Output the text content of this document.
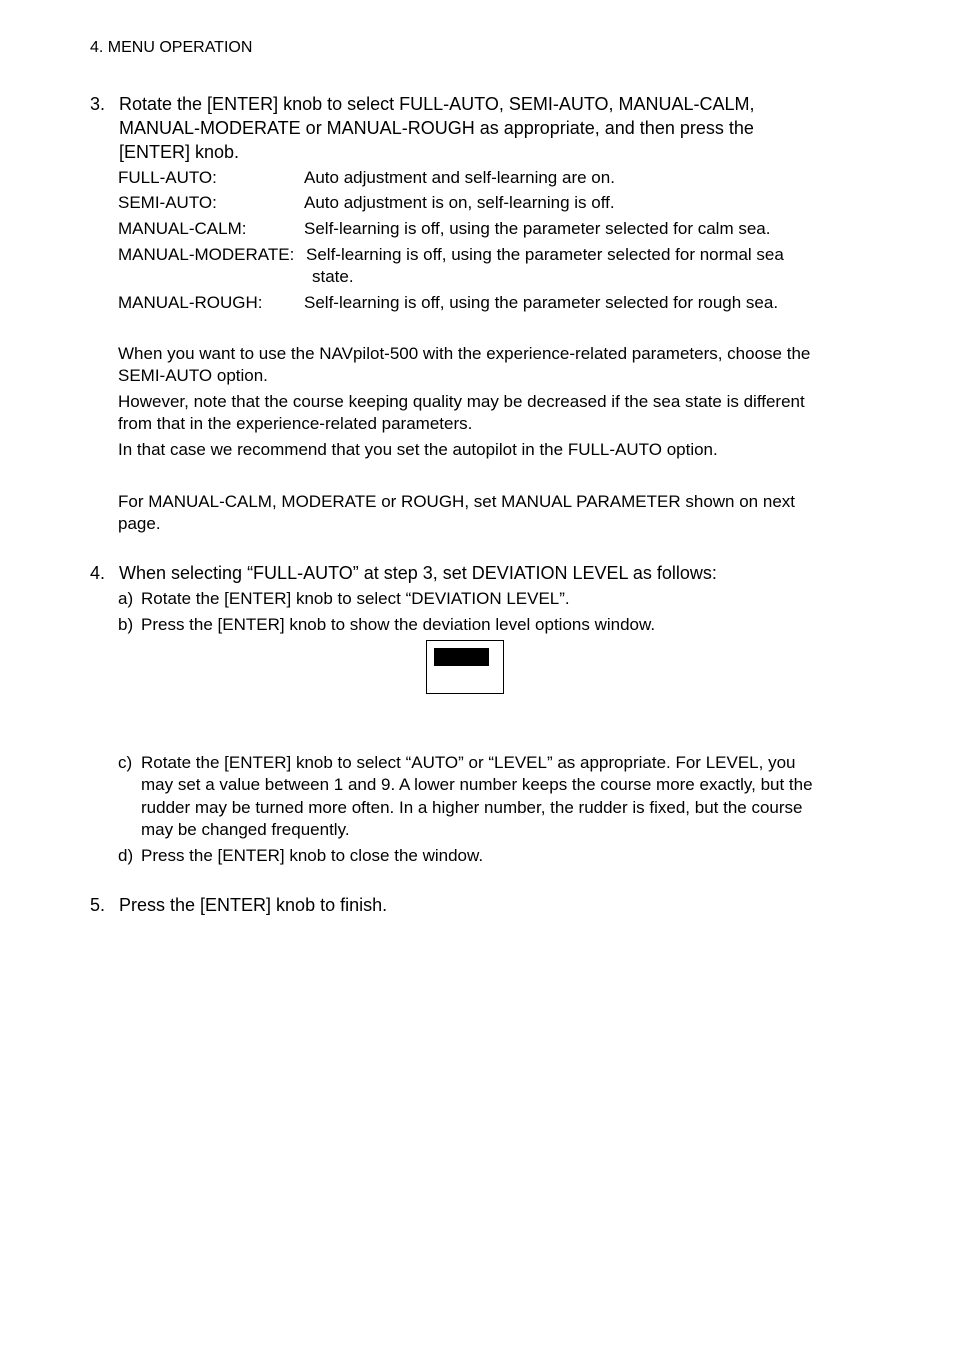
4. MENU OPERATION
3. Rotate the [ENTER] knob to select FULL-AUTO, SEMI-AUTO, MANUAL-CALM,
MANUAL-MODERATE or MANUAL-ROUGH as appropriate, and then press the
[ENTER] knob.
FULL-AUTO:	Auto adjustment and self-learning are on.
SEMI-AUTO:	Auto adjustment is on, self-learning is off.
MANUAL-CALM:	Self-learning is off, using the parameter selected for calm sea.
MANUAL-MODERATE: Self-learning is off, using the parameter selected for normal sea
state.
MANUAL-ROUGH: Self-learning is off, using the parameter selected for rough sea.
When you want to use the NAVpilot-500 with the experience-related parameters, choose the
SEMI-AUTO option.
However, note that the course keeping quality may be decreased if the sea state is different
from that in the experience-related parameters.
In that case we recommend that you set the autopilot in the FULL-AUTO option.
For MANUAL-CALM, MODERATE or ROUGH, set MANUAL PARAMETER shown on next
page.
4. When selecting “FULL-AUTO” at step 3, set DEVIATION LEVEL as follows:
a) Rotate the [ENTER] knob to select “DEVIATION LEVEL”.
b) Press the [ENTER] knob to show the deviation level options window.
c) Rotate the [ENTER] knob to select “AUTO” or “LEVEL” as appropriate. For LEVEL, you
may set a value between 1 and 9. A lower number keeps the course more exactly, but the
rudder may be turned more often. In a higher number, the rudder is fixed, but the course
may be changed frequently.
d) Press the [ENTER] knob to close the window.
5. Press the [ENTER] knob to finish.
